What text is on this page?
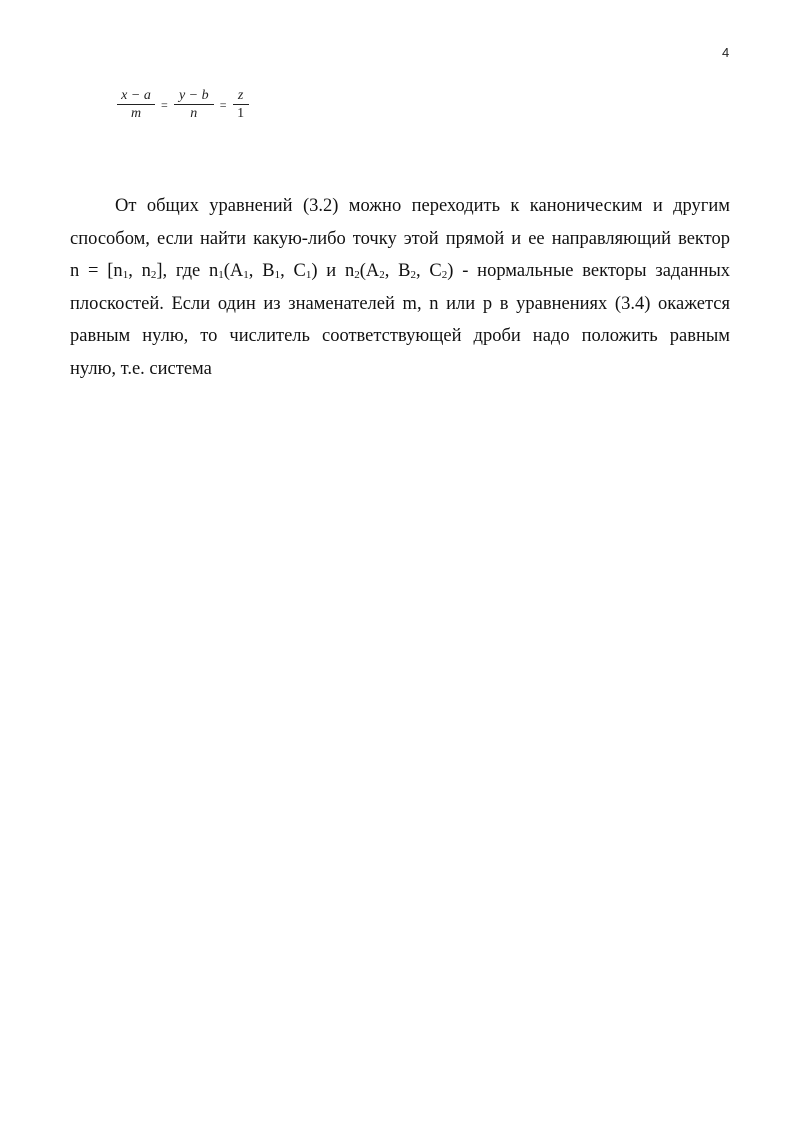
4
$\frac{x - a}{m} = \frac{y - b}{n} = \frac{z}{1}$
От общих уравнений (3.2) можно переходить к каноническим и другим
способом, если найти какую-либо точку этой прямой и ее направляющий вектор
n = [n1, n2], где n1(A1, B1, C1) и n2(A2, B2, C2) - нормальные векторы заданных
плоскостей. Если один из знаменателей m, n или p в уравнениях (3.4) окажется
равным нулю, то числитель соответствующей дроби надо положить равным
нулю, т.е. система
